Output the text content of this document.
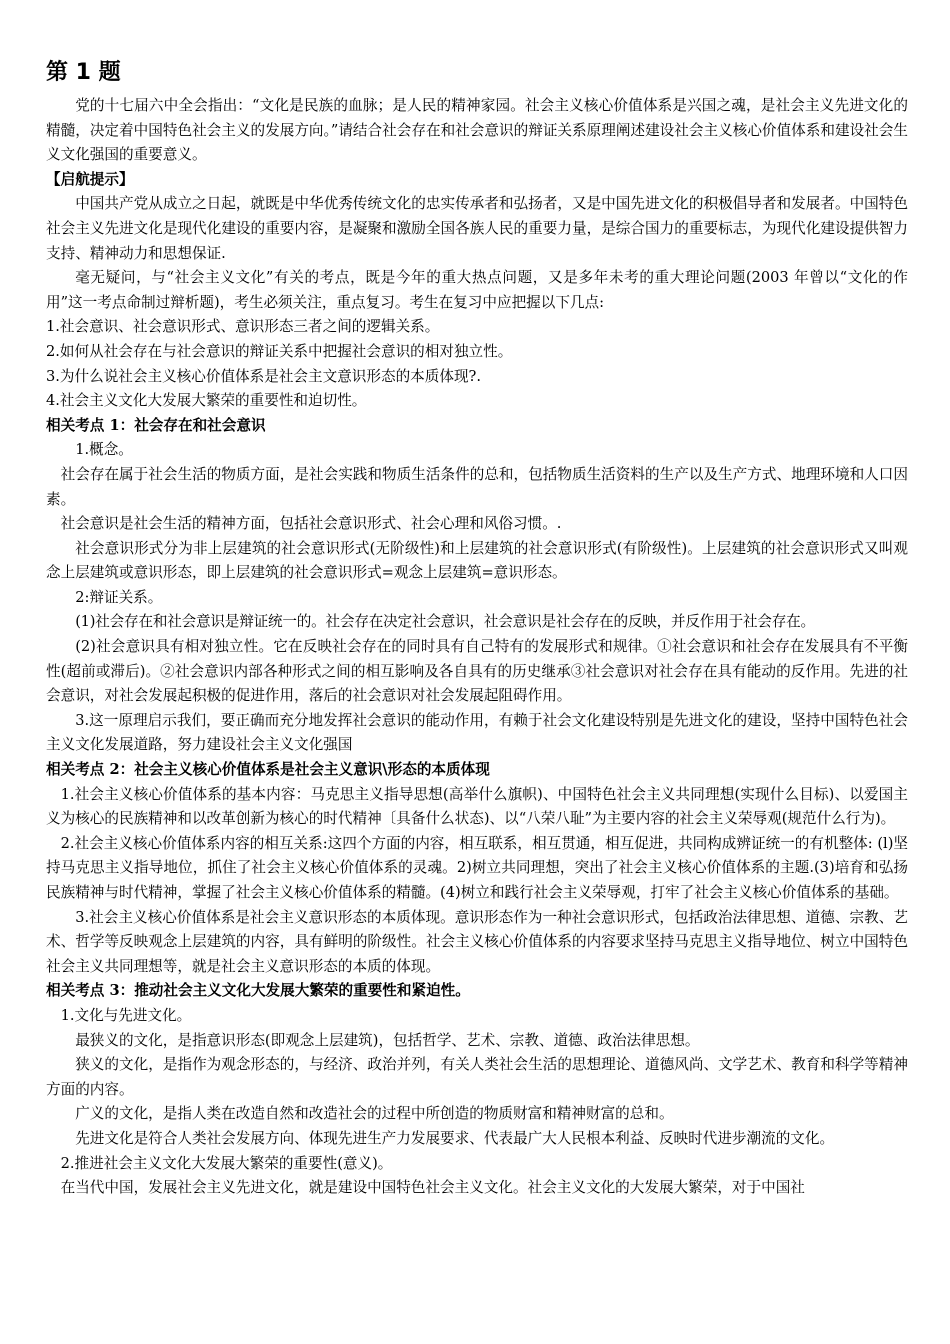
第 1 题

党的十七届六中全会指出：“文化是民族的血脉；是人民的精神家园。社会主义核心价值体系是兴国之魂，是社会主义先进文化的精髓，决定着中国特色社会主义的发展方向。”请结合社会存在和社会意识的辩证关系原理阐述建设社会主义核心价值体系和建设社会生义文化强国的重要意义。

【启航提示】

中国共产党从成立之日起，就既是中华优秀传统文化的忠实传承者和弘扬者，又是中国先进文化的积极倡导者和发展者。中国特色社会主义先进文化是现代化建设的重要内容，是凝聚和激励全国各族人民的重要力量，是综合国力的重要标志，为现代化建设提供智力支持、精神动力和思想保证.

毫无疑问，与“社会主义文化”有关的考点，既是今年的重大热点问题，又是多年未考的重大理论问题(2003 年曾以“文化的作用”这一考点命制过辩析题)，考生必须关注，重点复习。考生在复习中应把握以下几点:

1.社会意识、社会意识形式、意识形态三者之间的逻辑关系。

2.如何从社会存在与社会意识的辩证关系中把握社会意识的相对独立性。

3.为什么说社会主义核心价值体系是社会主文意识形态的本质体现?.

4.社会主义文化大发展大繁荣的重要性和迫切性。

相关考点 1：社会存在和社会意识

1.概念。

社会存在属于社会生活的物质方面，是社会实践和物质生活条件的总和，包括物质生活资料的生产以及生产方式、地理环境和人口因素。

社会意识是社会生活的精神方面，包括社会意识形式、社会心理和风俗习惯。.

社会意识形式分为非上层建筑的社会意识形式(无阶级性)和上层建筑的社会意识形式(有阶级性)。上层建筑的社会意识形式又叫观念上层建筑或意识形态，即上层建筑的社会意识形式=观念上层建筑=意识形态。

2:辩证关系。

(1)社会存在和社会意识是辩证统一的。社会存在决定社会意识，社会意识是社会存在的反映，并反作用于社会存在。

(2)社会意识具有相对独立性。它在反映社会存在的同时具有自己特有的发展形式和规律。①社会意识和社会存在发展具有不平衡性(超前或滞后)。②社会意识内部各种形式之间的相互影响及各自具有的历史继承③社会意识对社会存在具有能动的反作用。先进的社会意识，对社会发展起积极的促进作用，落后的社会意识对社会发展起阻碍作用。

3.这一原理启示我们，要正确而充分地发挥社会意识的能动作用，有赖于社会文化建设特别是先进文化的建设，坚持中国特色社会主义文化发展道路，努力建设社会主义文化强国

相关考点 2：社会主义核心价值体系是社会主义意识\形态的本质体现

1.社会主义核心价值体系的基本内容：马克思主义指导思想(高举什么旗帜)、中国特色社会主义共同理想(实现什么目标)、以爱国主义为核心的民族精神和以改革创新为核心的时代精神〔具备什么状态)、以“八荣八耻”为主要内容的社会主义荣辱观(规范什么行为)。

2.社会主义核心价值体系内容的相互关系:这四个方面的内容，相互联系，相互贯通，相互促进，共同构成辨证统一的有机整体: (l)坚持马克思主义指导地位，抓住了社会主义核心价值体系的灵魂。2)树立共同理想，突出了社会主义核心价值体系的主题.(3)培育和弘扬民族精神与时代精神，掌握了社会主义核心价值体系的精髓。(4)树立和践行社会主义荣辱观，打牢了社会主义核心价值体系的基础。

3.社会主义核心价值体系是社会主义意识形态的本质体现。意识形态作为一种社会意识形式，包括政治法律思想、道德、宗教、艺术、哲学等反映观念上层建筑的内容，具有鲜明的阶级性。社会主义核心价值体系的内容要求坚持马克思主义指导地位、树立中国特色社会主义共同理想等，就是社会主义意识形态的本质的体现。

相关考点 3：推动社会主义文化大发展大繁荣的重要性和紧迫性。

1.文化与先进文化。

最狭义的文化，是指意识形态(即观念上层建筑)，包括哲学、艺术、宗教、道德、政治法律思想。

狭义的文化，是指作为观念形态的，与经济、政治并列，有关人类社会生活的思想理论、道德风尚、文学艺术、教育和科学等精神方面的内容。

广义的文化，是指人类在改造自然和改造社会的过程中所创造的物质财富和精神财富的总和。

先进文化是符合人类社会发展方向、体现先进生产力发展要求、代表最广大人民根本利益、反映时代进步潮流的文化。

2.推进社会主义文化大发展大繁荣的重要性(意义)。

在当代中国，发展社会主义先进文化，就是建设中国特色社会主义文化。社会主义文化的大发展大繁荣，对于中国社
